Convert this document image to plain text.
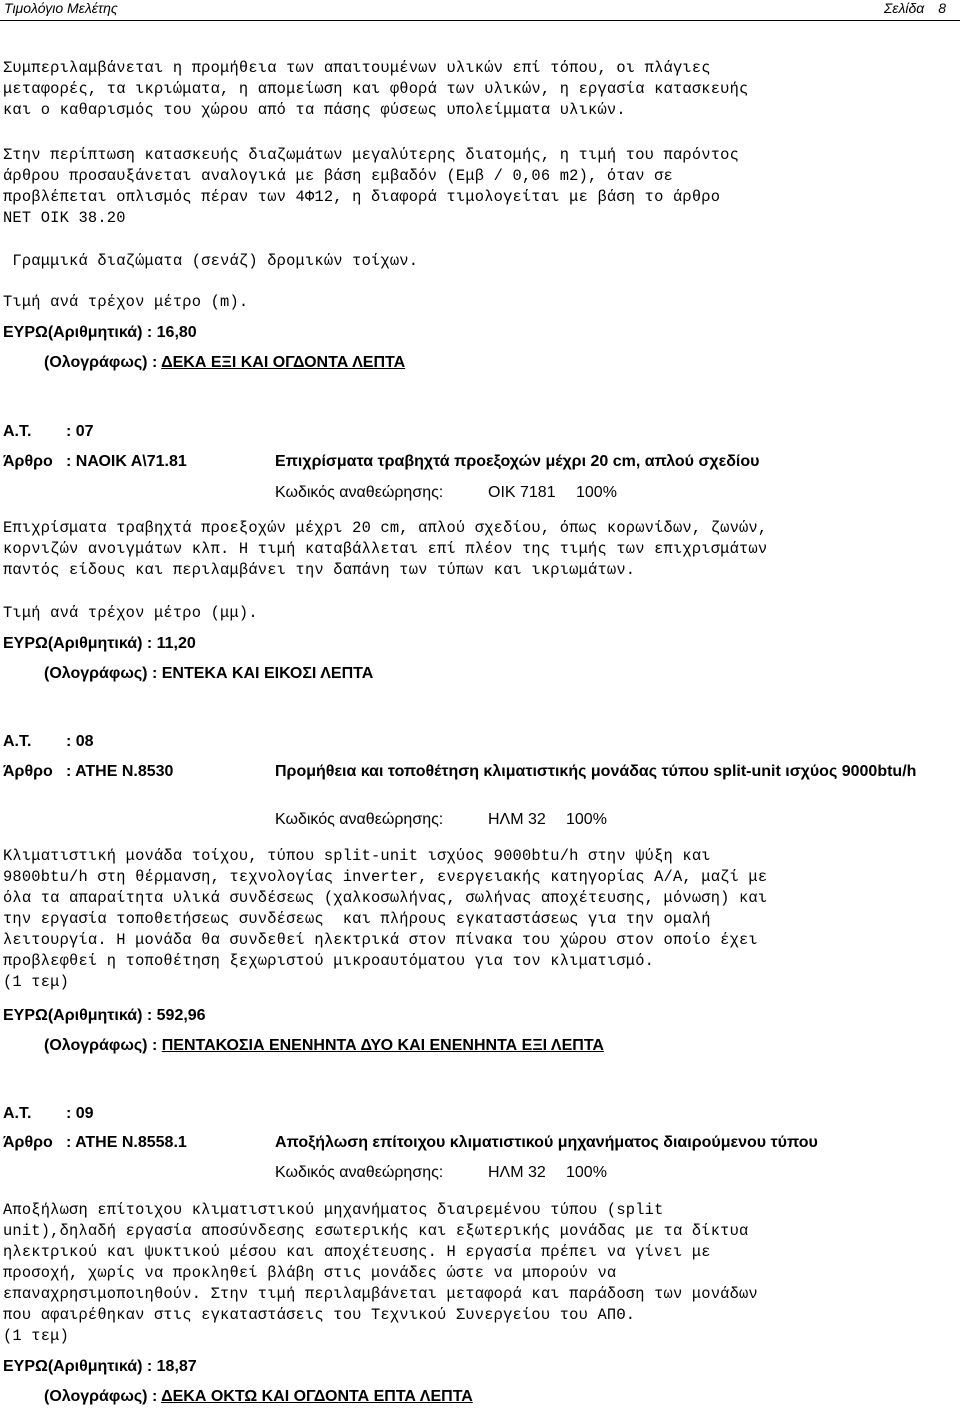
Τιμολόγιο Μελέτης	Σελίδα 8
Συμπεριλαμβάνεται η προμήθεια των απαιτουμένων υλικών επί τόπου, οι πλάγιες
μεταφορές, τα ικριώματα, η απομείωση και φθορά των υλικών, η εργασία κατασκευής
και ο καθαρισμός του χώρου από τα πάσης φύσεως υπολείμματα υλικών.
Στην περίπτωση κατασκευής διαζωμάτων μεγαλύτερης διατομής, η τιμή του παρόντος
άρθρου προσαυξάνεται αναλογικά με βάση εμβαδόν (Εμβ / 0,06 m2), όταν σε
προβλέπεται οπλισμός πέραν των 4Φ12, η διαφορά τιμολογείται με βάση το άρθρο
ΝΕΤ ΟΙΚ 38.20
Γραμμικά διαζώματα (σενάζ) δρομικών τοίχων.
Τιμή ανά τρέχον μέτρο (m).
ΕΥΡΩ(Αριθμητικά) : 16,80
(Ολογράφως) : ΔΕΚΑ ΕΞΙ ΚΑΙ ΟΓΔΟΝΤΑ ΛΕΠΤΑ
Α.Τ. : 07
Άρθρο : ΝΑΟΙΚ Α\71.81	Επιχρίσματα τραβηχτά προεξοχών μέχρι 20 cm, απλού σχεδίου
Κωδικός αναθεώρησης:	ΟΙΚ 7181 100%
Επιχρίσματα τραβηχτά προεξοχών μέχρι 20 cm, απλού σχεδίου, όπως κορωνίδων, ζωνών,
κορνιζών ανοιγμάτων κλπ. Η τιμή καταβάλλεται επί πλέον της τιμής των επιχρισμάτων
παντός είδους και περιλαμβάνει την δαπάνη των τύπων και ικριωμάτων.
Τιμή ανά τρέχον μέτρο (μμ).
ΕΥΡΩ(Αριθμητικά) : 11,20
(Ολογράφως) : ΕΝΤΕΚΑ ΚΑΙ ΕΙΚΟΣΙ ΛΕΠΤΑ
Α.Τ. : 08
Άρθρο : ΑΤΗΕ Ν.8530	Προμήθεια και τοποθέτηση κλιματιστικής μονάδας τύπου split-unit ισχύος 9000btu/h
Κωδικός αναθεώρησης:	ΗΛΜ 32 100%
Κλιματιστική μονάδα τοίχου, τύπου split-unit ισχύος 9000btu/h στην ψύξη και
9800btu/h στη θέρμανση, τεχνολογίας inverter, ενεργειακής κατηγορίας Α/Α, μαζί με
όλα τα απαραίτητα υλικά συνδέσεως (χαλκοσωλήνας, σωλήνας αποχέτευσης, μόνωση) και
την εργασία τοποθετήσεως συνδέσεως  και πλήρους εγκαταστάσεως για την ομαλή
λειτουργία. Η μονάδα θα συνδεθεί ηλεκτρικά στον πίνακα του χώρου στον οποίο έχει
προβλεφθεί η τοποθέτηση ξεχωριστού μικροαυτόματου για τον κλιματισμό.
(1 τεμ)
ΕΥΡΩ(Αριθμητικά) : 592,96
(Ολογράφως) : ΠΕΝΤΑΚΟΣΙΑ ΕΝΕΝΗΝΤΑ ΔΥΟ ΚΑΙ ΕΝΕΝΗΝΤΑ ΕΞΙ ΛΕΠΤΑ
Α.Τ. : 09
Άρθρο : ΑΤΗΕ Ν.8558.1	Αποξήλωση επίτοιχου κλιματιστικού μηχανήματος διαιρούμενου τύπου
Κωδικός αναθεώρησης:	ΗΛΜ 32 100%
Αποξήλωση επίτοιχου κλιματιστικού μηχανήματος διαιρεμένου τύπου (split
unit),δηλαδή εργασία αποσύνδεσης εσωτερικής και εξωτερικής μονάδας με τα δίκτυα
ηλεκτρικού και ψυκτικού μέσου και αποχέτευσης. Η εργασία πρέπει να γίνει με
προσοχή, χωρίς να προκληθεί βλάβη στις μονάδες ώστε να μπορούν να
επαναχρησιμοποιηθούν. Στην τιμή περιλαμβάνεται μεταφορά και παράδοση των μονάδων
που αφαιρέθηκαν στις εγκαταστάσεις του Τεχνικού Συνεργείου του ΑΠΘ.
(1 τεμ)
ΕΥΡΩ(Αριθμητικά) : 18,87
(Ολογράφως) : ΔΕΚΑ ΟΚΤΩ ΚΑΙ ΟΓΔΟΝΤΑ ΕΠΤΑ ΛΕΠΤΑ
